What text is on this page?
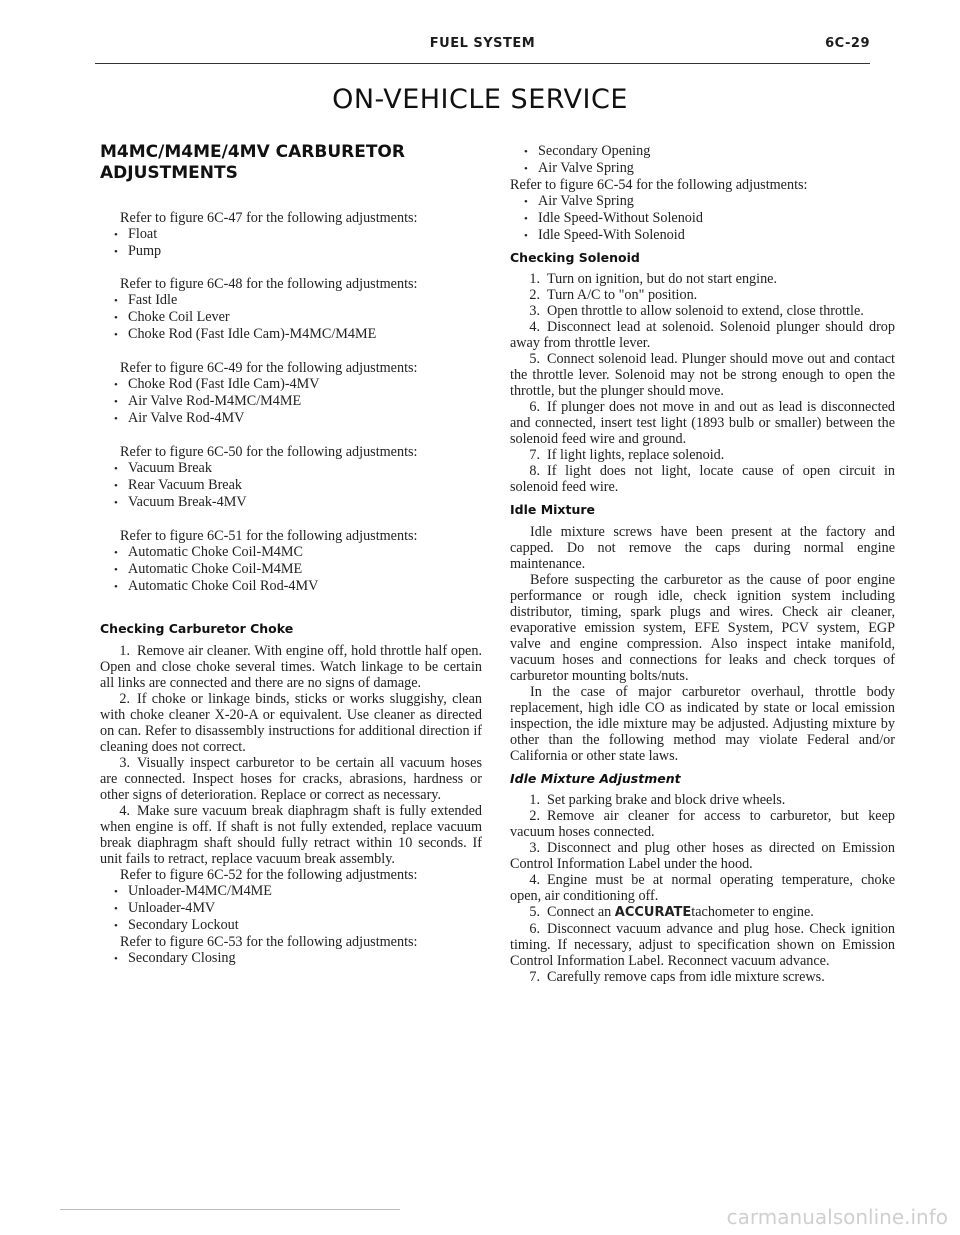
FUEL SYSTEM	6C-29
ON-VEHICLE SERVICE
M4MC/M4ME/4MV CARBURETOR
ADJUSTMENTS
Refer to figure 6C-47 for the following adjustments:
• Float
• Pump
Refer to figure 6C-48 for the following adjustments:
• Fast Idle
• Choke Coil Lever
• Choke Rod (Fast Idle Cam)-M4MC/M4ME
Refer to figure 6C-49 for the following adjustments:
• Choke Rod (Fast Idle Cam)-4MV
• Air Valve Rod-M4MC/M4ME
• Air Valve Rod-4MV
Refer to figure 6C-50 for the following adjustments:
• Vacuum Break
• Rear Vacuum Break
• Vacuum Break-4MV
Refer to figure 6C-51 for the following adjustments:
• Automatic Choke Coil-M4MC
• Automatic Choke Coil-M4ME
• Automatic Choke Coil Rod-4MV
Checking Carburetor Choke
1. Remove air cleaner. With engine off, hold throttle half open. Open and close choke several times. Watch linkage to be certain all links are connected and there are no signs of damage.
2. If choke or linkage binds, sticks or works sluggishy, clean with choke cleaner X-20-A or equivalent. Use cleaner as directed on can. Refer to disassembly instructions for additional direction if cleaning does not correct.
3. Visually inspect carburetor to be certain all vacuum hoses are connected. Inspect hoses for cracks, abrasions, hardness or other signs of deterioration. Replace or correct as necessary.
4. Make sure vacuum break diaphragm shaft is fully extended when engine is off. If shaft is not fully extended, replace vacuum break diaphragm shaft should fully retract within 10 seconds. If unit fails to retract, replace vacuum break assembly.
Refer to figure 6C-52 for the following adjustments:
• Unloader-M4MC/M4ME
• Unloader-4MV
• Secondary Lockout
Refer to figure 6C-53 for the following adjustments:
• Secondary Closing
• Secondary Opening
• Air Valve Spring
Refer to figure 6C-54 for the following adjustments:
• Air Valve Spring
• Idle Speed-Without Solenoid
• Idle Speed-With Solenoid
Checking Solenoid
1. Turn on ignition, but do not start engine.
2. Turn A/C to "on" position.
3. Open throttle to allow solenoid to extend, close throttle.
4. Disconnect lead at solenoid. Solenoid plunger should drop away from throttle lever.
5. Connect solenoid lead. Plunger should move out and contact the throttle lever. Solenoid may not be strong enough to open the throttle, but the plunger should move.
6. If plunger does not move in and out as lead is disconnected and connected, insert test light (1893 bulb or smaller) between the solenoid feed wire and ground.
7. If light lights, replace solenoid.
8. If light does not light, locate cause of open circuit in solenoid feed wire.
Idle Mixture
Idle mixture screws have been present at the factory and capped. Do not remove the caps during normal engine maintenance.
Before suspecting the carburetor as the cause of poor engine performance or rough idle, check ignition system including distributor, timing, spark plugs and wires. Check air cleaner, evaporative emission system, EFE System, PCV system, EGP valve and engine compression. Also inspect intake manifold, vacuum hoses and connections for leaks and check torques of carburetor mounting bolts/nuts.
In the case of major carburetor overhaul, throttle body replacement, high idle CO as indicated by state or local emission inspection, the idle mixture may be adjusted. Adjusting mixture by other than the following method may violate Federal and/or California or other state laws.
Idle Mixture Adjustment
1. Set parking brake and block drive wheels.
2. Remove air cleaner for access to carburetor, but keep vacuum hoses connected.
3. Disconnect and plug other hoses as directed on Emission Control Information Label under the hood.
4. Engine must be at normal operating temperature, choke open, air conditioning off.
5. Connect an ACCURATEtachometer to engine.
6. Disconnect vacuum advance and plug hose. Check ignition timing. If necessary, adjust to specification shown on Emission Control Information Label. Reconnect vacuum advance.
7. Carefully remove caps from idle mixture screws.
carmanualsonline.info
